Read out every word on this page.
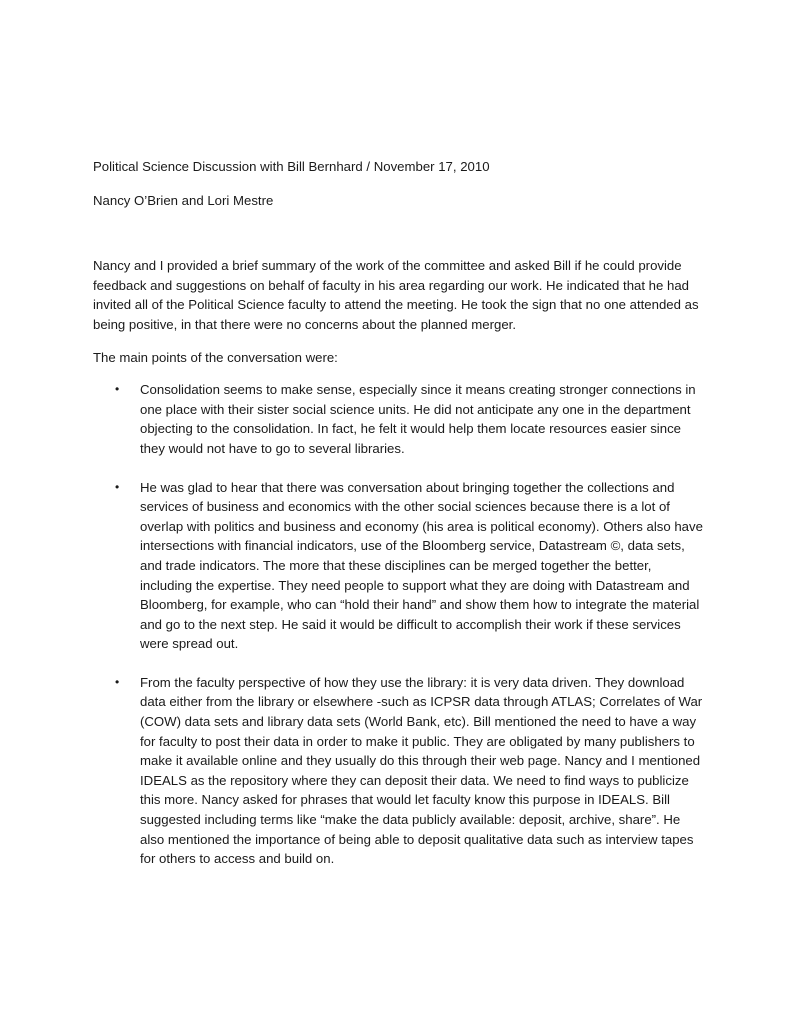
Political Science Discussion with Bill Bernhard / November 17, 2010

Nancy O’Brien and Lori Mestre

Nancy and I provided a brief summary of the work of the committee and asked Bill if he could provide feedback and suggestions on behalf of faculty in his area regarding our work. He indicated that he had invited all of the Political Science faculty to attend the meeting. He took the sign that no one attended as being positive, in that there were no concerns about the planned merger.

The main points of the conversation were:

• Consolidation seems to make sense, especially since it means creating stronger connections in one place with their sister social science units. He did not anticipate any one in the department objecting to the consolidation. In fact, he felt it would help them locate resources easier since they would not have to go to several libraries.
• He was glad to hear that there was conversation about bringing together the collections and services of business and economics with the other social sciences because there is a lot of overlap with politics and business and economy (his area is political economy). Others also have intersections with financial indicators, use of the Bloomberg service, Datastream ©, data sets, and trade indicators. The more that these disciplines can be merged together the better, including the expertise. They need people to support what they are doing with Datastream and Bloomberg, for example, who can “hold their hand” and show them how to integrate the material and go to the next step. He said it would be difficult to accomplish their work if these services were spread out.
• From the faculty perspective of how they use the library: it is very data driven. They download data either from the library or elsewhere -such as ICPSR data through ATLAS; Correlates of War (COW) data sets and library data sets (World Bank, etc). Bill mentioned the need to have a way for faculty to post their data in order to make it public. They are obligated by many publishers to make it available online and they usually do this through their web page. Nancy and I mentioned IDEALS as the repository where they can deposit their data. We need to find ways to publicize this more. Nancy asked for phrases that would let faculty know this purpose in IDEALS. Bill suggested including terms like “make the data publicly available: deposit, archive, share”. He also mentioned the importance of being able to deposit qualitative data such as interview tapes for others to access and build on.
